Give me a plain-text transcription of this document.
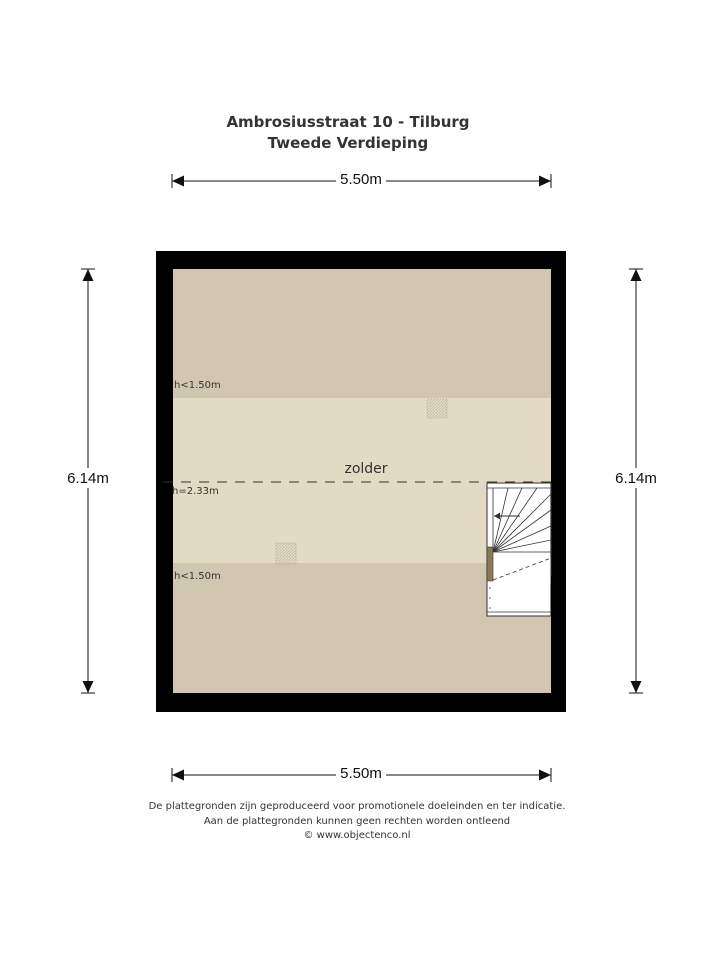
Ambrosiusstraat 10 - Tilburg
Tweede Verdieping
5.50m
5.50m
6.14m	6.14m
zolder
h<1.50m
h=2.33m
h<1.50m
De plattegronden zijn geproduceerd voor promotionele doeleinden en ter indicatie.
Aan de plattegronden kunnen geen rechten worden ontleend
© www.objectenco.nl
